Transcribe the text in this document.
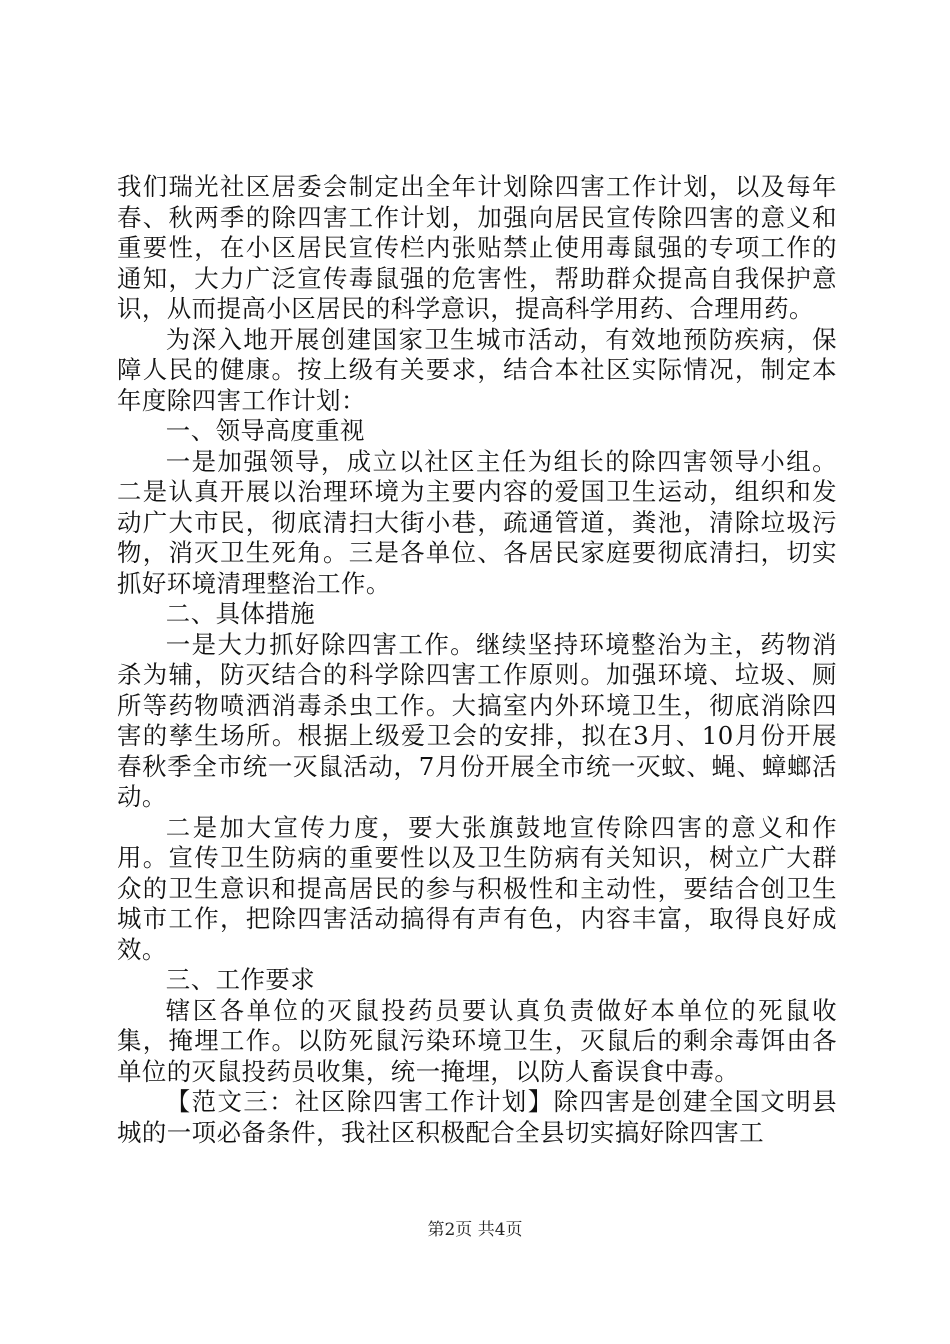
我们瑞光社区居委会制定出全年计划除四害工作计划，以及每年春、秋两季的除四害工作计划，加强向居民宣传除四害的意义和重要性，在小区居民宣传栏内张贴禁止使用毒鼠强的专项工作的通知，大力广泛宣传毒鼠强的危害性，帮助群众提高自我保护意识，从而提高小区居民的科学意识，提高科学用药、合理用药。

为深入地开展创建国家卫生城市活动，有效地预防疾病，保障人民的健康。按上级有关要求，结合本社区实际情况，制定本年度除四害工作计划：

一、领导高度重视

一是加强领导，成立以社区主任为组长的除四害领导小组。二是认真开展以治理环境为主要内容的爱国卫生运动，组织和发动广大市民，彻底清扫大街小巷，疏通管道，粪池，清除垃圾污物，消灭卫生死角。三是各单位、各居民家庭要彻底清扫，切实抓好环境清理整治工作。

二、具体措施

一是大力抓好除四害工作。继续坚持环境整治为主，药物消杀为辅，防灭结合的科学除四害工作原则。加强环境、垃圾、厕所等药物喷洒消毒杀虫工作。大搞室内外环境卫生，彻底消除四害的孳生场所。根据上级爱卫会的安排，拟在3月、10月份开展春秋季全市统一灭鼠活动，7月份开展全市统一灭蚊、蝇、蟑螂活动。

二是加大宣传力度，要大张旗鼓地宣传除四害的意义和作用。宣传卫生防病的重要性以及卫生防病有关知识，树立广大群众的卫生意识和提高居民的参与积极性和主动性，要结合创卫生城市工作，把除四害活动搞得有声有色，内容丰富，取得良好成效。

三、工作要求

辖区各单位的灭鼠投药员要认真负责做好本单位的死鼠收集，掩埋工作。以防死鼠污染环境卫生，灭鼠后的剩余毒饵由各单位的灭鼠投药员收集，统一掩埋，以防人畜误食中毒。

【范文三：社区除四害工作计划】除四害是创建全国文明县城的一项必备条件，我社区积极配合全县切实搞好除四害工

第2页 共4页
